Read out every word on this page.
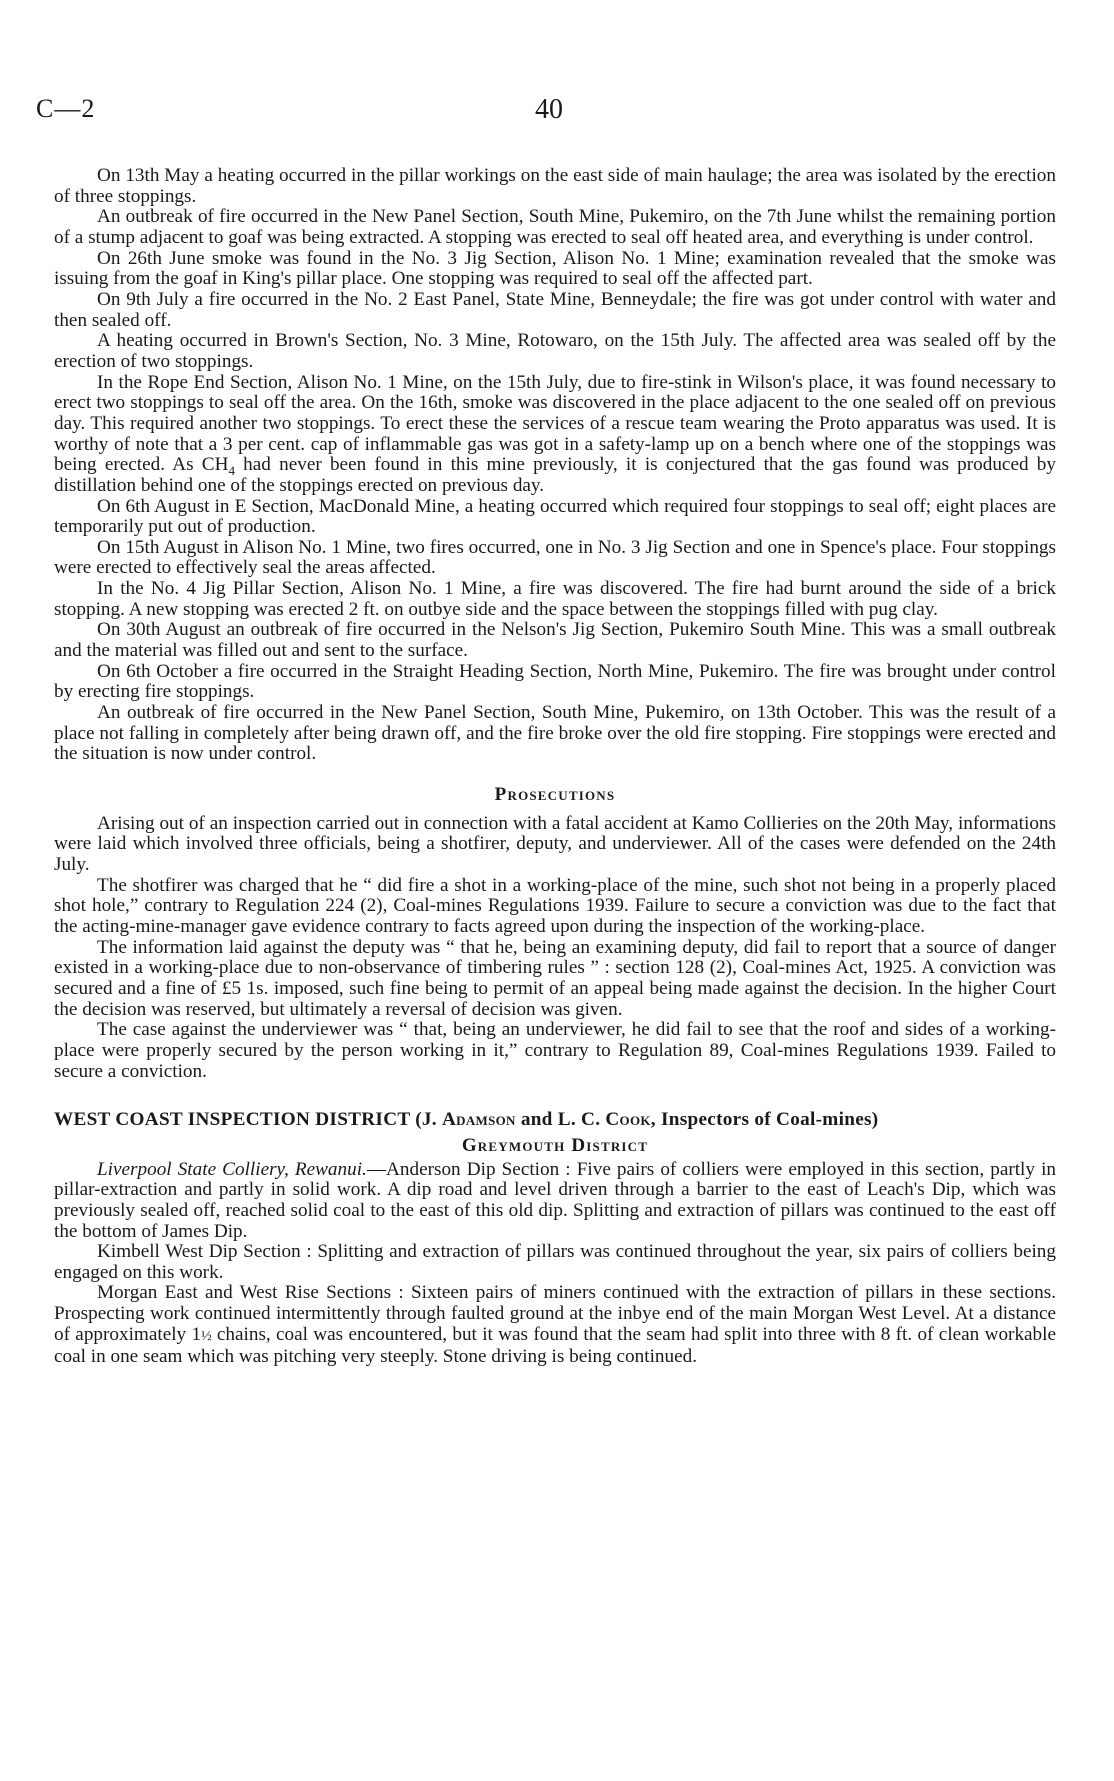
C—2	40

On 13th May a heating occurred in the pillar workings on the east side of main haulage; the area was isolated by the erection of three stoppings.

An outbreak of fire occurred in the New Panel Section, South Mine, Pukemiro, on the 7th June whilst the remaining portion of a stump adjacent to goaf was being extracted. A stopping was erected to seal off heated area, and everything is under control.

On 26th June smoke was found in the No. 3 Jig Section, Alison No. 1 Mine; examination revealed that the smoke was issuing from the goaf in King's pillar place. One stopping was required to seal off the affected part.

On 9th July a fire occurred in the No. 2 East Panel, State Mine, Benneydale; the fire was got under control with water and then sealed off.

A heating occurred in Brown's Section, No. 3 Mine, Rotowaro, on the 15th July. The affected area was sealed off by the erection of two stoppings.

In the Rope End Section, Alison No. 1 Mine, on the 15th July, due to fire-stink in Wilson's place, it was found necessary to erect two stoppings to seal off the area. On the 16th, smoke was discovered in the place adjacent to the one sealed off on previous day. This required another two stoppings. To erect these the services of a rescue team wearing the Proto apparatus was used. It is worthy of note that a 3 per cent. cap of inflammable gas was got in a safety-lamp up on a bench where one of the stoppings was being erected. As $CH_4$ had never been found in this mine previously, it is conjectured that the gas found was produced by distillation behind one of the stoppings erected on previous day.

On 6th August in E Section, MacDonald Mine, a heating occurred which required four stoppings to seal off; eight places are temporarily put out of production.

On 15th August in Alison No. 1 Mine, two fires occurred, one in No. 3 Jig Section and one in Spence's place. Four stoppings were erected to effectively seal the areas affected.

In the No. 4 Jig Pillar Section, Alison No. 1 Mine, a fire was discovered. The fire had burnt around the side of a brick stopping. A new stopping was erected 2 ft. on outbye side and the space between the stoppings filled with pug clay.

On 30th August an outbreak of fire occurred in the Nelson's Jig Section, Pukemiro South Mine. This was a small outbreak and the material was filled out and sent to the surface.

On 6th October a fire occurred in the Straight Heading Section, North Mine, Pukemiro. The fire was brought under control by erecting fire stoppings.

An outbreak of fire occurred in the New Panel Section, South Mine, Pukemiro, on 13th October. This was the result of a place not falling in completely after being drawn off, and the fire broke over the old fire stopping. Fire stoppings were erected and the situation is now under control.

Prosecutions

Arising out of an inspection carried out in connection with a fatal accident at Kamo Collieries on the 20th May, informations were laid which involved three officials, being a shotfirer, deputy, and underviewer. All of the cases were defended on the 24th July.

The shotfirer was charged that he “ did fire a shot in a working-place of the mine, such shot not being in a properly placed shot hole,” contrary to Regulation 224 (2), Coal-mines Regulations 1939. Failure to secure a conviction was due to the fact that the acting-mine-manager gave evidence contrary to facts agreed upon during the inspection of the working-place.

The information laid against the deputy was “ that he, being an examining deputy, did fail to report that a source of danger existed in a working-place due to non-observance of timbering rules ” : section 128 (2), Coal-mines Act, 1925. A conviction was secured and a fine of £5 1s. imposed, such fine being to permit of an appeal being made against the decision. In the higher Court the decision was reserved, but ultimately a reversal of decision was given.

The case against the underviewer was “ that, being an underviewer, he did fail to see that the roof and sides of a working-place were properly secured by the person working in it,” contrary to Regulation 89, Coal-mines Regulations 1939. Failed to secure a conviction.

WEST COAST INSPECTION DISTRICT (J. Adamson and L. C. Cook, Inspectors of Coal-mines)
Greymouth District

Liverpool State Colliery, Rewanui.—Anderson Dip Section : Five pairs of colliers were employed in this section, partly in pillar-extraction and partly in solid work. A dip road and level driven through a barrier to the east of Leach's Dip, which was previously sealed off, reached solid coal to the east of this old dip. Splitting and extraction of pillars was continued to the east off the bottom of James Dip.

Kimbell West Dip Section : Splitting and extraction of pillars was continued throughout the year, six pairs of colliers being engaged on this work.

Morgan East and West Rise Sections : Sixteen pairs of miners continued with the extraction of pillars in these sections. Prospecting work continued intermittently through faulted ground at the inbye end of the main Morgan West Level. At a distance of approximately 1½ chains, coal was encountered, but it was found that the seam had split into three with 8 ft. of clean workable coal in one seam which was pitching very steeply. Stone driving is being continued.
